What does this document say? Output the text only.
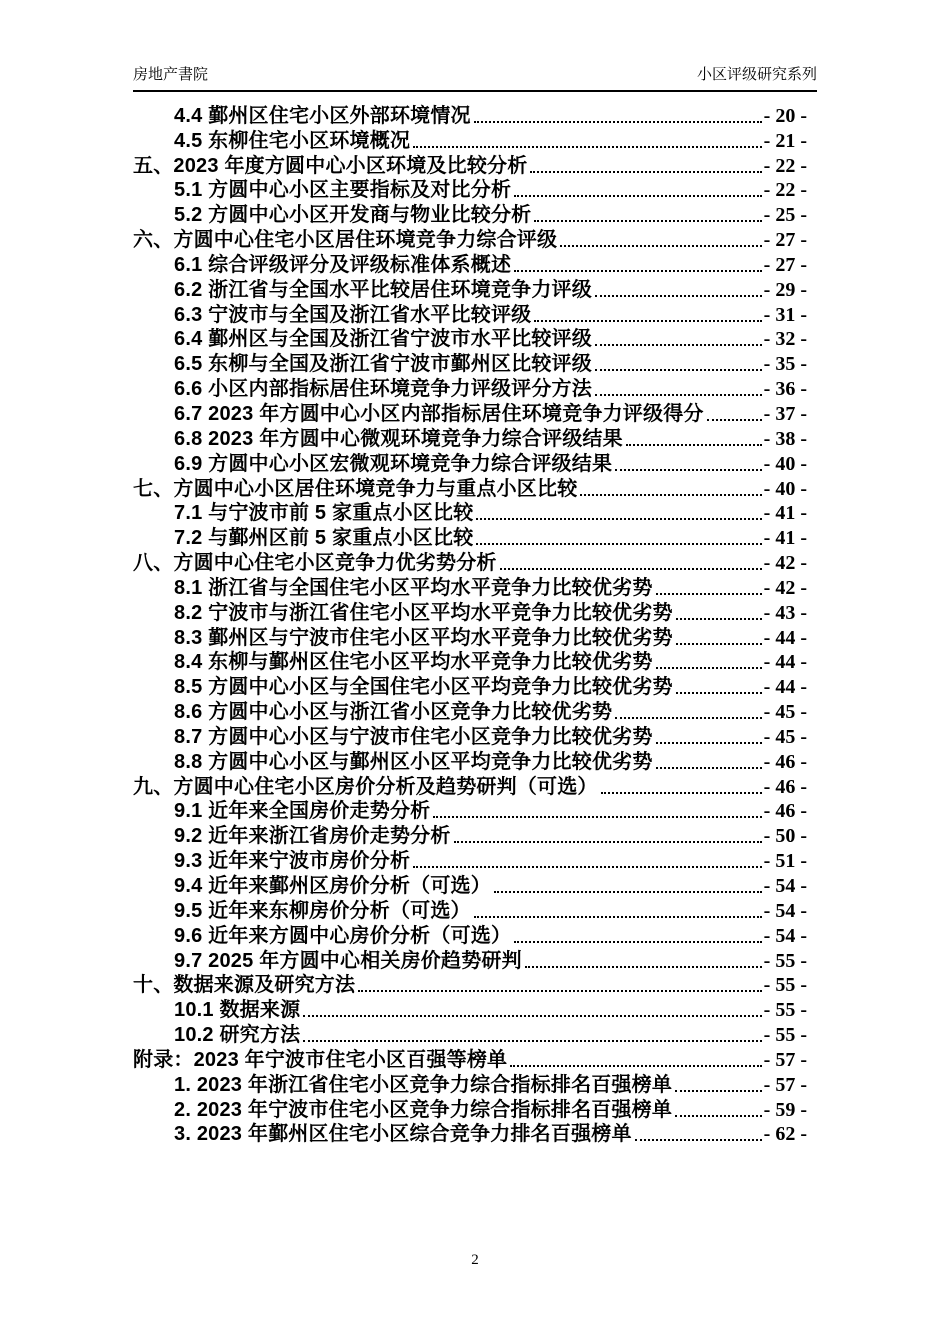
房地产書院	小区评级研究系列
4.4 鄞州区住宅小区外部环境情况	- 20 -
4.5 东柳住宅小区环境概况	- 21 -
五、2023 年度方圆中心小区环境及比较分析	- 22 -
5.1 方圆中心小区主要指标及对比分析	- 22 -
5.2 方圆中心小区开发商与物业比较分析	- 25 -
六、方圆中心住宅小区居住环境竞争力综合评级	- 27 -
6.1 综合评级评分及评级标准体系概述	- 27 -
6.2 浙江省与全国水平比较居住环境竞争力评级	- 29 -
6.3 宁波市与全国及浙江省水平比较评级	- 31 -
6.4 鄞州区与全国及浙江省宁波市水平比较评级	- 32 -
6.5 东柳与全国及浙江省宁波市鄞州区比较评级	- 35 -
6.6 小区内部指标居住环境竞争力评级评分方法	- 36 -
6.7 2023 年方圆中心小区内部指标居住环境竞争力评级得分	- 37 -
6.8 2023 年方圆中心微观环境竞争力综合评级结果	- 38 -
6.9 方圆中心小区宏微观环境竞争力综合评级结果	- 40 -
七、方圆中心小区居住环境竞争力与重点小区比较	- 40 -
7.1 与宁波市前 5 家重点小区比较	- 41 -
7.2 与鄞州区前 5 家重点小区比较	- 41 -
八、方圆中心住宅小区竞争力优劣势分析	- 42 -
8.1 浙江省与全国住宅小区平均水平竞争力比较优劣势	- 42 -
8.2 宁波市与浙江省住宅小区平均水平竞争力比较优劣势	- 43 -
8.3 鄞州区与宁波市住宅小区平均水平竞争力比较优劣势	- 44 -
8.4 东柳与鄞州区住宅小区平均水平竞争力比较优劣势	- 44 -
8.5 方圆中心小区与全国住宅小区平均竞争力比较优劣势	- 44 -
8.6 方圆中心小区与浙江省小区竞争力比较优劣势	- 45 -
8.7 方圆中心小区与宁波市住宅小区竞争力比较优劣势	- 45 -
8.8 方圆中心小区与鄞州区小区平均竞争力比较优劣势	- 46 -
九、方圆中心住宅小区房价分析及趋势研判（可选）	- 46 -
9.1 近年来全国房价走势分析	- 46 -
9.2 近年来浙江省房价走势分析	- 50 -
9.3 近年来宁波市房价分析	- 51 -
9.4 近年来鄞州区房价分析（可选）	- 54 -
9.5 近年来东柳房价分析（可选）	- 54 -
9.6 近年来方圆中心房价分析（可选）	- 54 -
9.7 2025 年方圆中心相关房价趋势研判	- 55 -
十、数据来源及研究方法	- 55 -
10.1 数据来源	- 55 -
10.2 研究方法	- 55 -
附录：2023 年宁波市住宅小区百强等榜单	- 57 -
1. 2023 年浙江省住宅小区竞争力综合指标排名百强榜单	- 57 -
2. 2023 年宁波市住宅小区竞争力综合指标排名百强榜单	- 59 -
3. 2023 年鄞州区住宅小区综合竞争力排名百强榜单	- 62 -
2
